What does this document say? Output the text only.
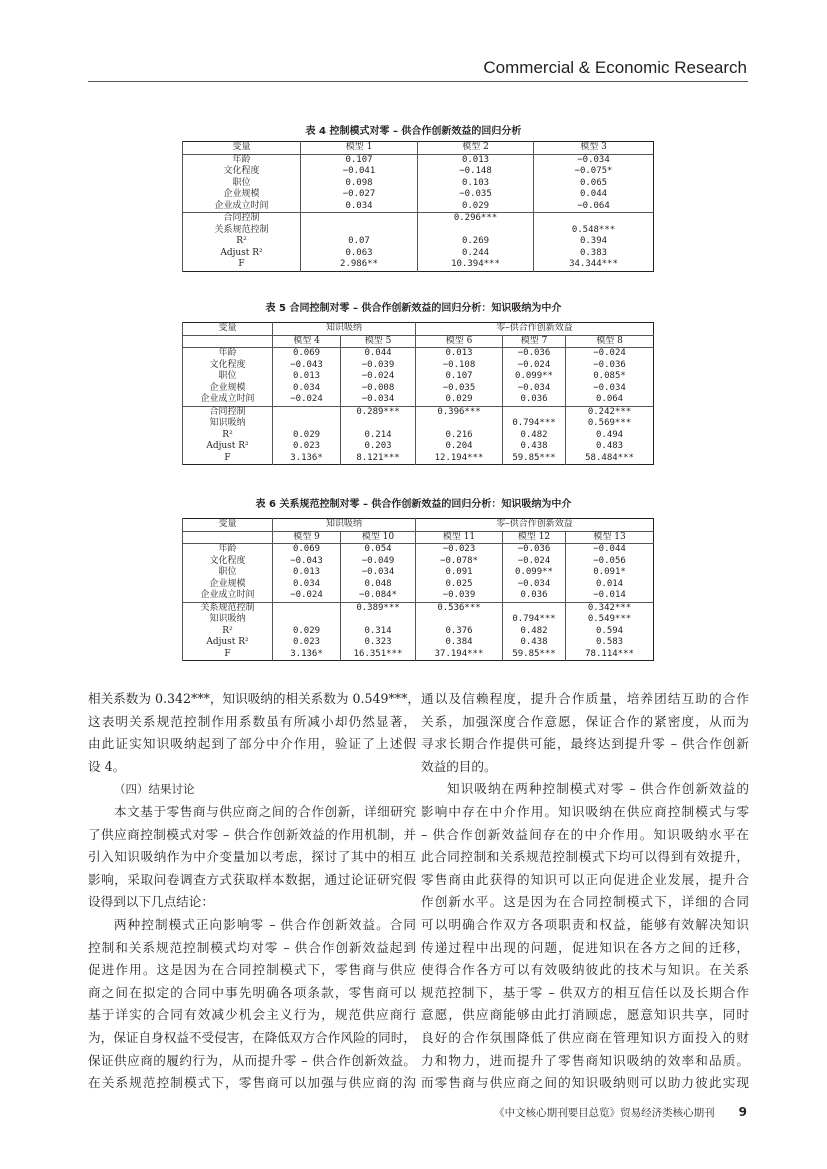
Commercial & Economic Research
表 4 控制模式对零 – 供合作创新效益的回归分析
变量	模型 1	模型 2	模型 3
年龄	0.107	0.013	−0.034
文化程度	−0.041	−0.148	−0.075*
职位	0.098	0.103	0.065
企业规模	−0.027	−0.035	0.044
企业成立时间	0.034	0.029	−0.064
合同控制		0.296***	
关系规范控制			0.548***
R²	0.07	0.269	0.394
Adjust R²	0.063	0.244	0.383
F	2.986**	10.394***	34.344***
表 5 合同控制对零 – 供合作创新效益的回归分析：知识吸纳为中介
变量	知识吸纳		零–供合作创新效益		
	模型 4	模型 5	模型 6	模型 7	模型 8
年龄	0.069	0.044	0.013	−0.036	−0.024
文化程度	−0.043	−0.039	−0.108	−0.024	−0.036
职位	0.013	−0.024	0.107	0.099**	0.085*
企业规模	0.034	−0.008	−0.035	−0.034	−0.034
企业成立时间	−0.024	−0.034	0.029	0.036	0.064
合同控制		0.289***	0.396***		0.242***
知识吸纳				0.794***	0.569***
R²	0.029	0.214	0.216	0.482	0.494
Adjust R²	0.023	0.203	0.204	0.438	0.483
F	3.136*	8.121***	12.194***	59.85***	58.484***
表 6 关系规范控制对零 – 供合作创新效益的回归分析：知识吸纳为中介
变量	知识吸纳		零–供合作创新效益		
	模型 9	模型 10	模型 11	模型 12	模型 13
年龄	0.069	0.054	−0.023	−0.036	−0.044
文化程度	−0.043	−0.049	−0.078*	−0.024	−0.056
职位	0.013	−0.034	0.091	0.099**	0.091*
企业规模	0.034	0.048	0.025	−0.034	0.014
企业成立时间	−0.024	−0.084*	−0.039	0.036	−0.014
关系规范控制		0.389***	0.536***		0.342***
知识吸纳				0.794***	0.549***
R²	0.029	0.314	0.376	0.482	0.594
Adjust R²	0.023	0.323	0.384	0.438	0.583
F	3.136*	16.351***	37.194***	59.85***	78.114***
相关系数为 0.342***，知识吸纳的相关系数为 0.549***，
这表明关系规范控制作用系数虽有所减小却仍然显著，
由此证实知识吸纳起到了部分中介作用，验证了上述假
设 4。
（四）结果讨论
本文基于零售商与供应商之间的合作创新，详细研究
了供应商控制模式对零 – 供合作创新效益的作用机制，并
引入知识吸纳作为中介变量加以考虑，探讨了其中的相互
影响，采取问卷调查方式获取样本数据，通过论证研究假
设得到以下几点结论：
两种控制模式正向影响零 – 供合作创新效益。合同
控制和关系规范控制模式均对零 – 供合作创新效益起到
促进作用。这是因为在合同控制模式下，零售商与供应
商之间在拟定的合同中事先明确各项条款，零售商可以
基于详实的合同有效减少机会主义行为，规范供应商行
为，保证自身权益不受侵害，在降低双方合作风险的同时，
保证供应商的履约行为，从而提升零 – 供合作创新效益。
在关系规范控制模式下，零售商可以加强与供应商的沟
通以及信赖程度，提升合作质量，培养团结互助的合作
关系，加强深度合作意愿，保证合作的紧密度，从而为
寻求长期合作提供可能，最终达到提升零 – 供合作创新
效益的目的。
知识吸纳在两种控制模式对零 – 供合作创新效益的
影响中存在中介作用。知识吸纳在供应商控制模式与零
– 供合作创新效益间存在的中介作用。知识吸纳水平在
此合同控制和关系规范控制模式下均可以得到有效提升，
零售商由此获得的知识可以正向促进企业发展，提升合
作创新水平。这是因为在合同控制模式下，详细的合同
可以明确合作双方各项职责和权益，能够有效解决知识
传递过程中出现的问题，促进知识在各方之间的迁移，
使得合作各方可以有效吸纳彼此的技术与知识。在关系
规范控制下，基于零 – 供双方的相互信任以及长期合作
意愿，供应商能够由此打消顾虑，愿意知识共享，同时
良好的合作氛围降低了供应商在管理知识方面投入的财
力和物力，进而提升了零售商知识吸纳的效率和品质。
而零售商与供应商之间的知识吸纳则可以助力彼此实现
《中文核心期刊要目总览》贸易经济类核心期刊 9
